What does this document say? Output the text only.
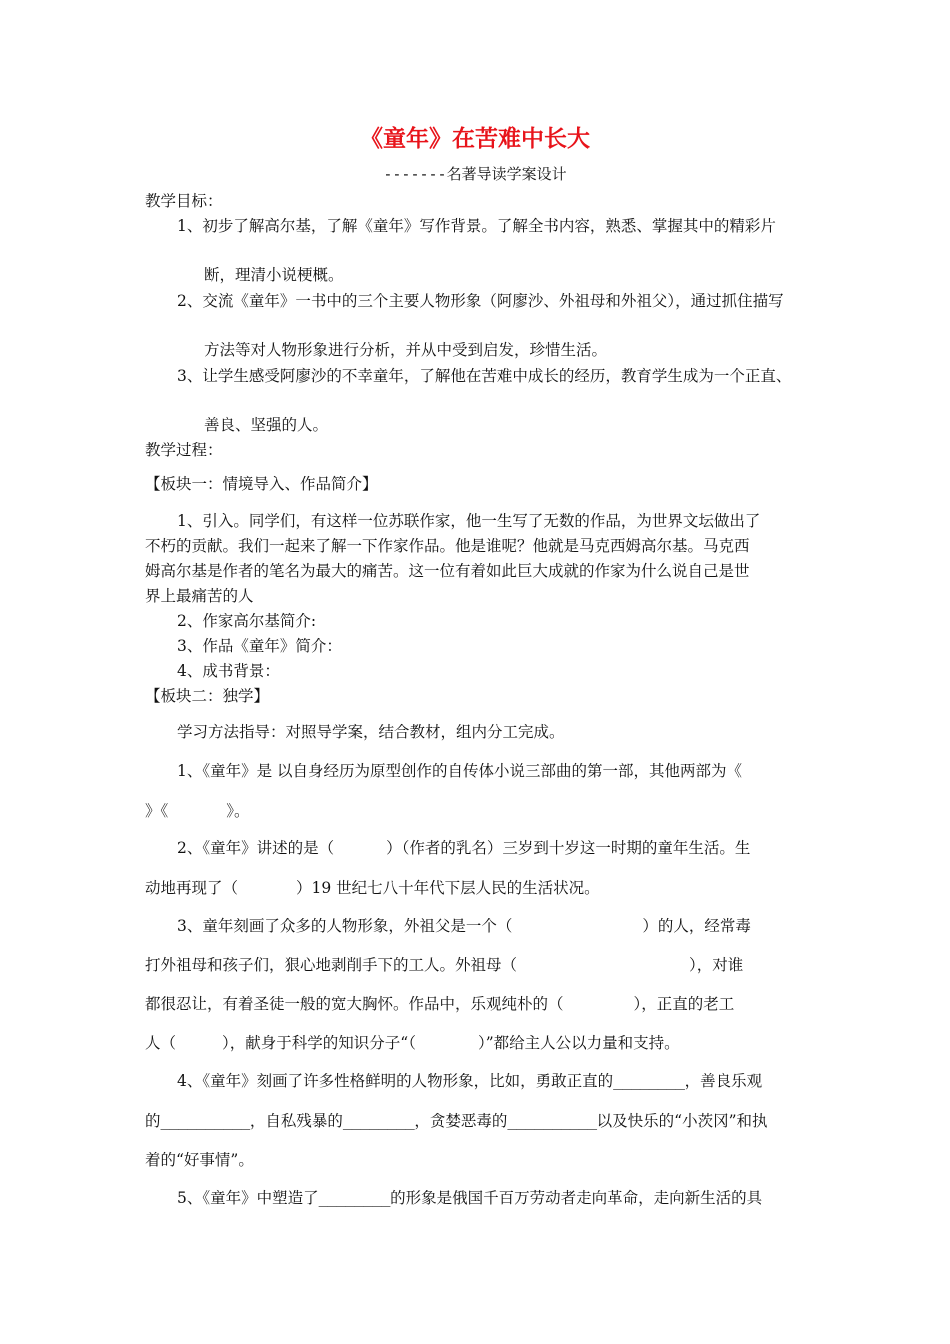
《童年》在苦难中长大
-------名著导读学案设计
教学目标：
1、初步了解高尔基，了解《童年》写作背景。了解全书内容，熟悉、掌握其中的精彩片
断，理清小说梗概。
2、交流《童年》一书中的三个主要人物形象（阿廖沙、外祖母和外祖父），通过抓住描写
方法等对人物形象进行分析，并从中受到启发，珍惜生活。
3、让学生感受阿廖沙的不幸童年，了解他在苦难中成长的经历，教育学生成为一个正直、
善良、坚强的人。
教学过程：
【板块一：情境导入、作品简介】
1、引入。同学们，有这样一位苏联作家，他一生写了无数的作品，为世界文坛做出了
不朽的贡献。我们一起来了解一下作家作品。他是谁呢？他就是马克西姆高尔基。马克西
姆高尔基是作者的笔名为最大的痛苦。这一位有着如此巨大成就的作家为什么说自己是世
界上最痛苦的人
2、作家高尔基简介:
3、作品《童年》简介：
4、成书背景：
【板块二：独学】
学习方法指导：对照导学案，结合教材，组内分工完成。
1、《童年》是 以自身经历为原型创作的自传体小说三部曲的第一部，其他两部为《
》《	》。
2、《童年》讲述的是（	）（作者的乳名）三岁到十岁这一时期的童年生活。生
动地再现了（	）19 世纪七八十年代下层人民的生活状况。
3、童年刻画了众多的人物形象，外祖父是一个（	）的人，经常毒
打外祖母和孩子们，狠心地剥削手下的工人。外祖母（	），对谁
都很忍让，有着圣徒一般的宽大胸怀。作品中，乐观纯朴的（	），正直的老工
人（	），献身于科学的知识分子“（	）”都给主人公以力量和支持。
4、《童年》刻画了许多性格鲜明的人物形象，比如，勇敢正直的________，善良乐观
的__________，自私残暴的________，贪婪恶毒的__________以及快乐的“小茨冈”和执
着的“好事情”。
5、《童年》中塑造了________的形象是俄国千百万劳动者走向革命，走向新生活的具
